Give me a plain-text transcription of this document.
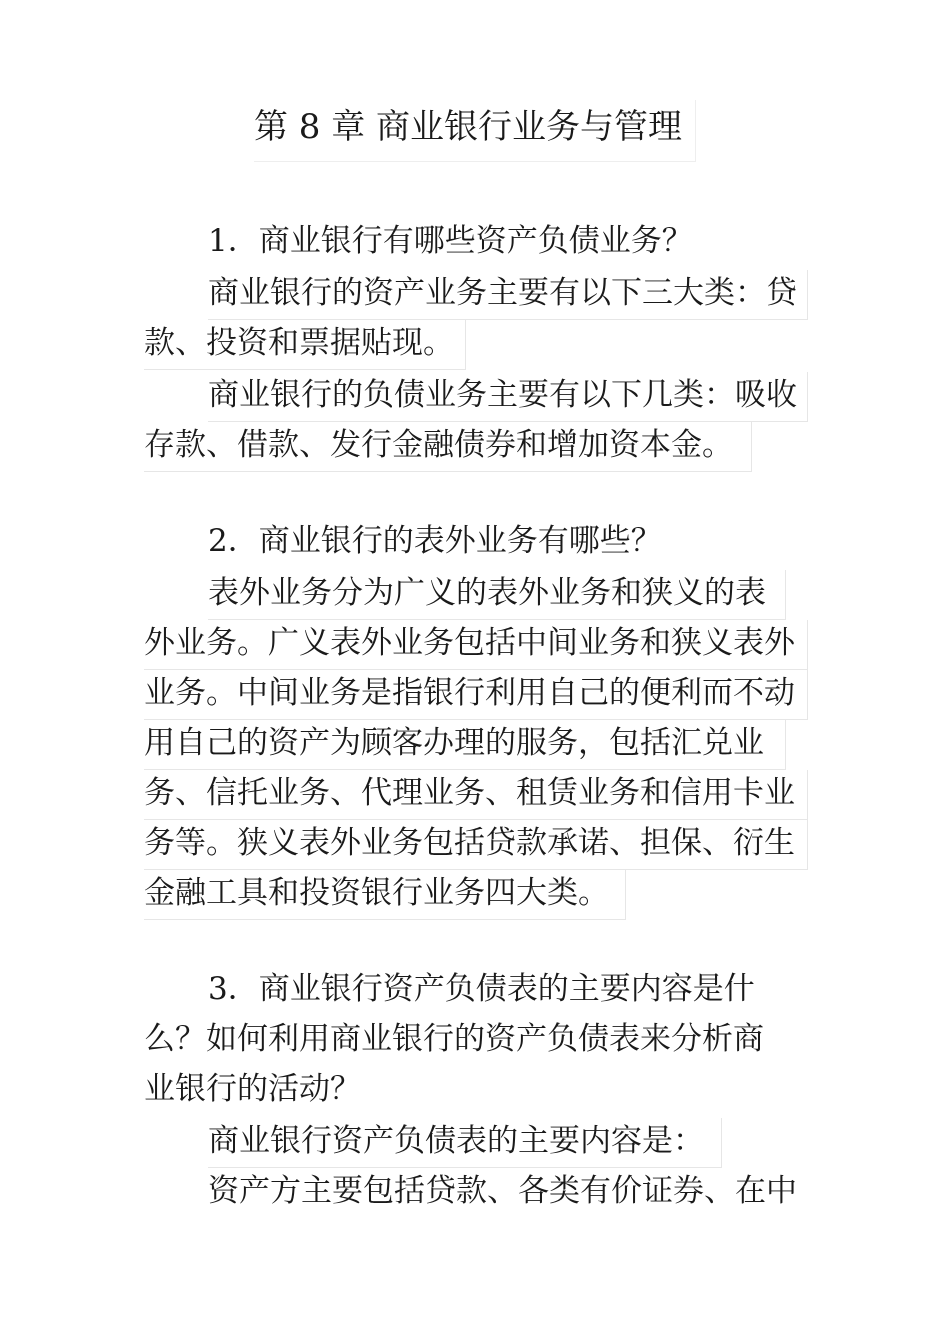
第 8 章 商业银行业务与管理
1．商业银行有哪些资产负债业务？
商业银行的资产业务主要有以下三大类：贷
款、投资和票据贴现。
商业银行的负债业务主要有以下几类：吸收
存款、借款、发行金融债券和增加资本金。
2．商业银行的表外业务有哪些？
表外业务分为广义的表外业务和狭义的表
外业务。广义表外业务包括中间业务和狭义表外
业务。中间业务是指银行利用自己的便利而不动
用自己的资产为顾客办理的服务，包括汇兑业
务、信托业务、代理业务、租赁业务和信用卡业
务等。狭义表外业务包括贷款承诺、担保、衍生
金融工具和投资银行业务四大类。
3．商业银行资产负债表的主要内容是什
么？如何利用商业银行的资产负债表来分析商
业银行的活动？
商业银行资产负债表的主要内容是：
资产方主要包括贷款、各类有价证券、在中
